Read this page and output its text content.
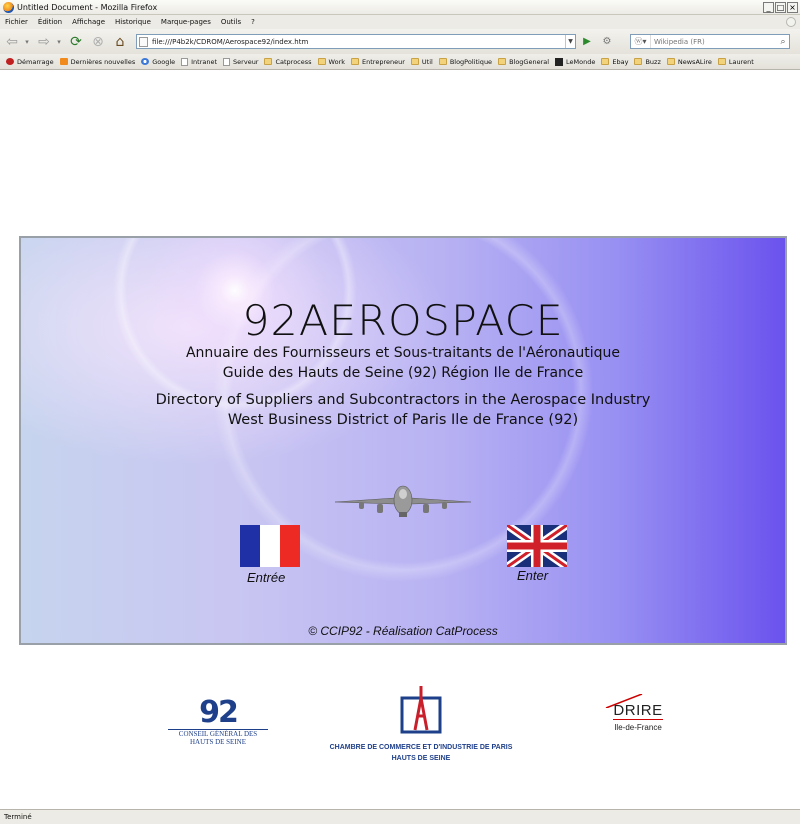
Untitled Document - Mozilla Firefox	_ □ ×
Fichier	Édition	Affichage	Historique	Marque-pages	Outils	?
⇦	▾ ⇨	▾ ⟳ ⊗ ⌂
file:///P4b2k/CDROM/Aerospace92/index.htm	▼	▶	⚙	ⓦ▾
Wikipedia (FR)	⌕
Démarrage	Dernières nouvelles	Google Intranet Serveur	Catprocess	Work	Entrepreneur	Util	BlogPolitique	BlogGeneral	LeMonde	Ebay	Buzz	NewsALire	Laurent
92AEROSPACE
Annuaire des Fournisseurs et Sous-traitants de l'Aéronautique
Guide des Hauts de Seine (92) Région Ile de France
Directory of Suppliers and Subcontractors in the Aerospace Industry
West Business District of Paris Ile de France (92)
Entrée	Enter
© CCIP92 - Réalisation CatProcess
92
CONSEIL GÉNÉRAL DES
HAUTS DE SEINE
CHAMBRE DE COMMERCE ET D'INDUSTRIE DE PARIS
HAUTS DE SEINE
DRIRE
Ile-de-France
Terminé
